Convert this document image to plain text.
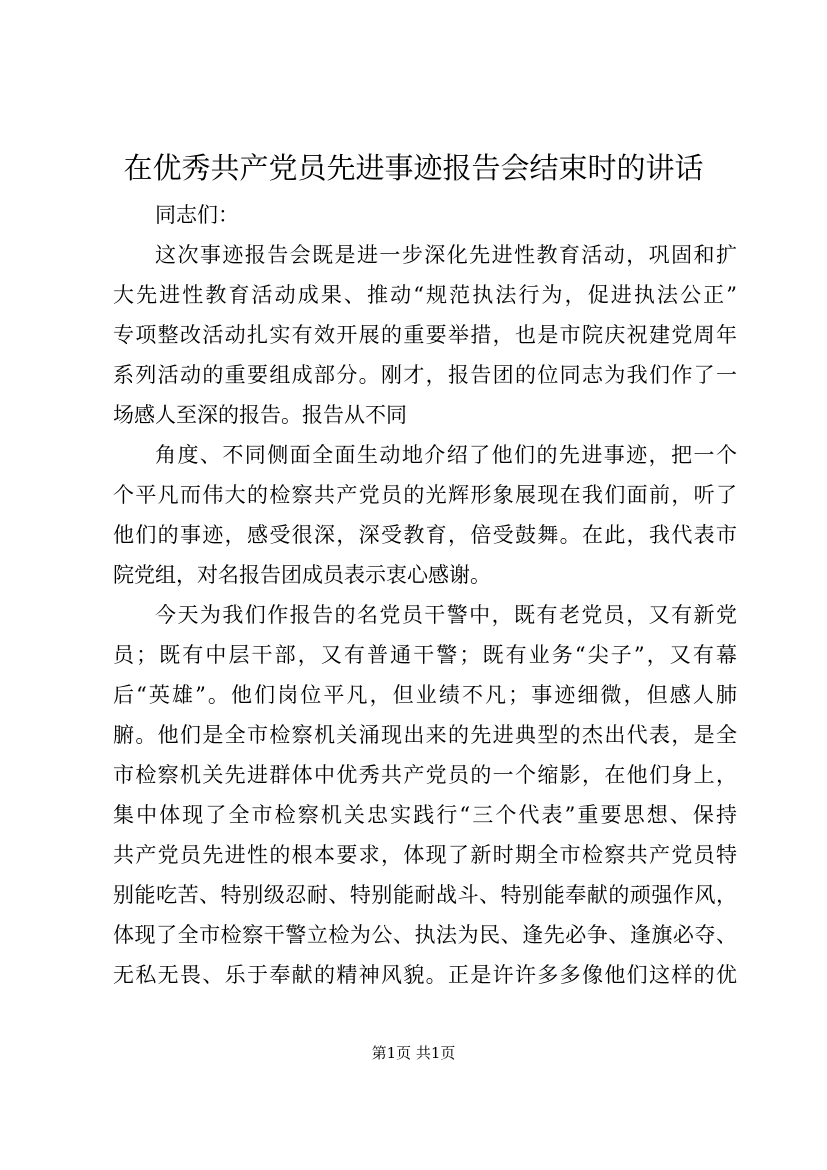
在优秀共产党员先进事迹报告会结束时的讲话
同志们：
这次事迹报告会既是进一步深化先进性教育活动，巩固和扩
大先进性教育活动成果、推动“规范执法行为，促进执法公正”
专项整改活动扎实有效开展的重要举措，也是市院庆祝建党周年
系列活动的重要组成部分。刚才，报告团的位同志为我们作了一
场感人至深的报告。报告从不同
角度、不同侧面全面生动地介绍了他们的先进事迹，把一个
个平凡而伟大的检察共产党员的光辉形象展现在我们面前，听了
他们的事迹，感受很深，深受教育，倍受鼓舞。在此，我代表市
院党组，对名报告团成员表示衷心感谢。
今天为我们作报告的名党员干警中，既有老党员，又有新党
员；既有中层干部，又有普通干警；既有业务“尖子”，又有幕
后“英雄”。他们岗位平凡，但业绩不凡；事迹细微，但感人肺
腑。他们是全市检察机关涌现出来的先进典型的杰出代表，是全
市检察机关先进群体中优秀共产党员的一个缩影，在他们身上，
集中体现了全市检察机关忠实践行“三个代表”重要思想、保持
共产党员先进性的根本要求，体现了新时期全市检察共产党员特
别能吃苦、特别级忍耐、特别能耐战斗、特别能奉献的顽强作风，
体现了全市检察干警立检为公、执法为民、逢先必争、逢旗必夺、
无私无畏、乐于奉献的精神风貌。正是许许多多像他们这样的优
第1页 共1页
